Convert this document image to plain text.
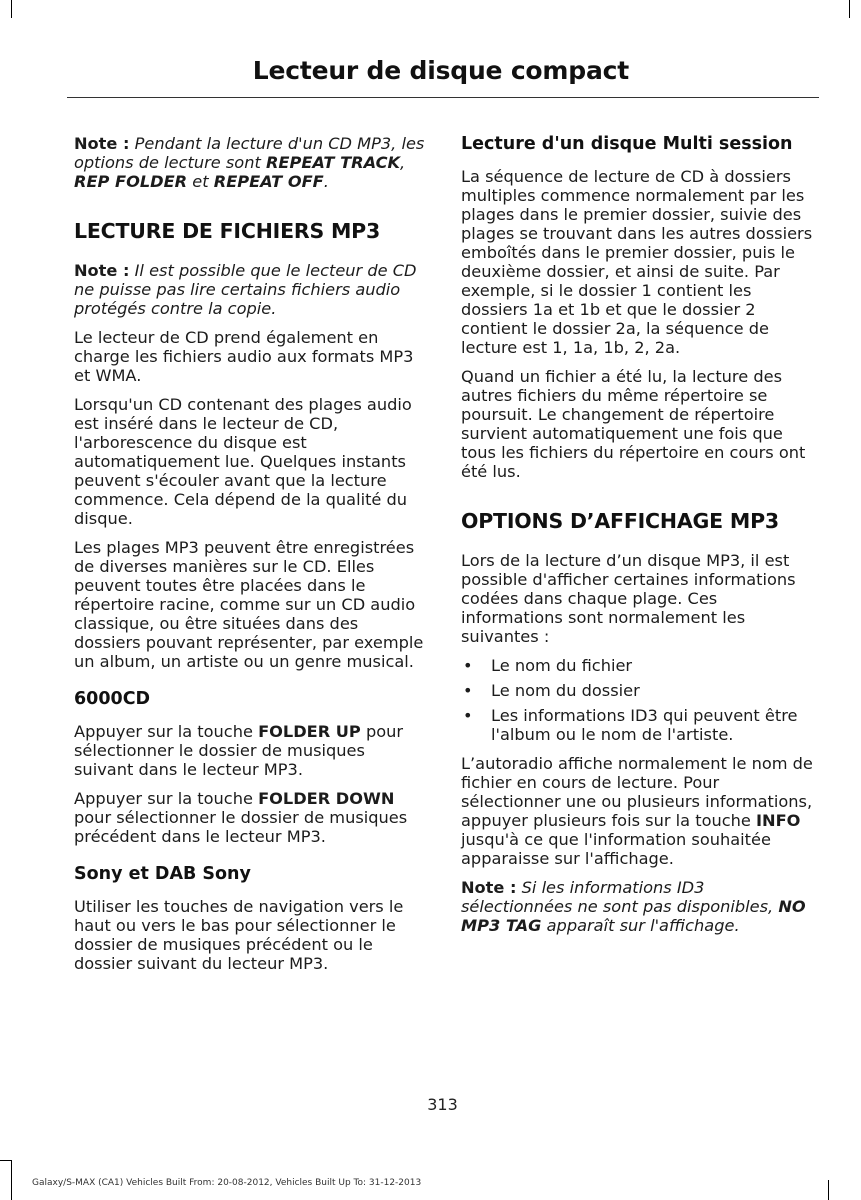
Lecteur de disque compact

Note : Pendant la lecture d'un CD MP3, les options de lecture sont REPEAT TRACK, REP FOLDER et REPEAT OFF.

LECTURE DE FICHIERS MP3

Note : Il est possible que le lecteur de CD ne puisse pas lire certains fichiers audio protégés contre la copie.

Le lecteur de CD prend également en charge les fichiers audio aux formats MP3 et WMA.

Lorsqu'un CD contenant des plages audio est inséré dans le lecteur de CD, l'arborescence du disque est automatiquement lue. Quelques instants peuvent s'écouler avant que la lecture commence. Cela dépend de la qualité du disque.

Les plages MP3 peuvent être enregistrées de diverses manières sur le CD. Elles peuvent toutes être placées dans le répertoire racine, comme sur un CD audio classique, ou être situées dans des dossiers pouvant représenter, par exemple un album, un artiste ou un genre musical.

6000CD

Appuyer sur la touche FOLDER UP pour sélectionner le dossier de musiques suivant dans le lecteur MP3.

Appuyer sur la touche FOLDER DOWN pour sélectionner le dossier de musiques précédent dans le lecteur MP3.

Sony et DAB Sony

Utiliser les touches de navigation vers le haut ou vers le bas pour sélectionner le dossier de musiques précédent ou le dossier suivant du lecteur MP3.

Lecture d'un disque Multi session

La séquence de lecture de CD à dossiers multiples commence normalement par les plages dans le premier dossier, suivie des plages se trouvant dans les autres dossiers emboîtés dans le premier dossier, puis le deuxième dossier, et ainsi de suite. Par exemple, si le dossier 1 contient les dossiers 1a et 1b et que le dossier 2 contient le dossier 2a, la séquence de lecture est 1, 1a, 1b, 2, 2a.

Quand un fichier a été lu, la lecture des autres fichiers du même répertoire se poursuit. Le changement de répertoire survient automatiquement une fois que tous les fichiers du répertoire en cours ont été lus.

OPTIONS D’AFFICHAGE MP3

Lors de la lecture d’un disque MP3, il est possible d'afficher certaines informations codées dans chaque plage. Ces informations sont normalement les suivantes :

• Le nom du fichier
• Le nom du dossier
• Les informations ID3 qui peuvent être l'album ou le nom de l'artiste.

L’autoradio affiche normalement le nom de fichier en cours de lecture. Pour sélectionner une ou plusieurs informations, appuyer plusieurs fois sur la touche INFO jusqu'à ce que l'information souhaitée apparaisse sur l'affichage.

Note : Si les informations ID3 sélectionnées ne sont pas disponibles, NO MP3 TAG apparaît sur l'affichage.

313
Galaxy/S-MAX (CA1) Vehicles Built From: 20-08-2012, Vehicles Built Up To: 31-12-2013
